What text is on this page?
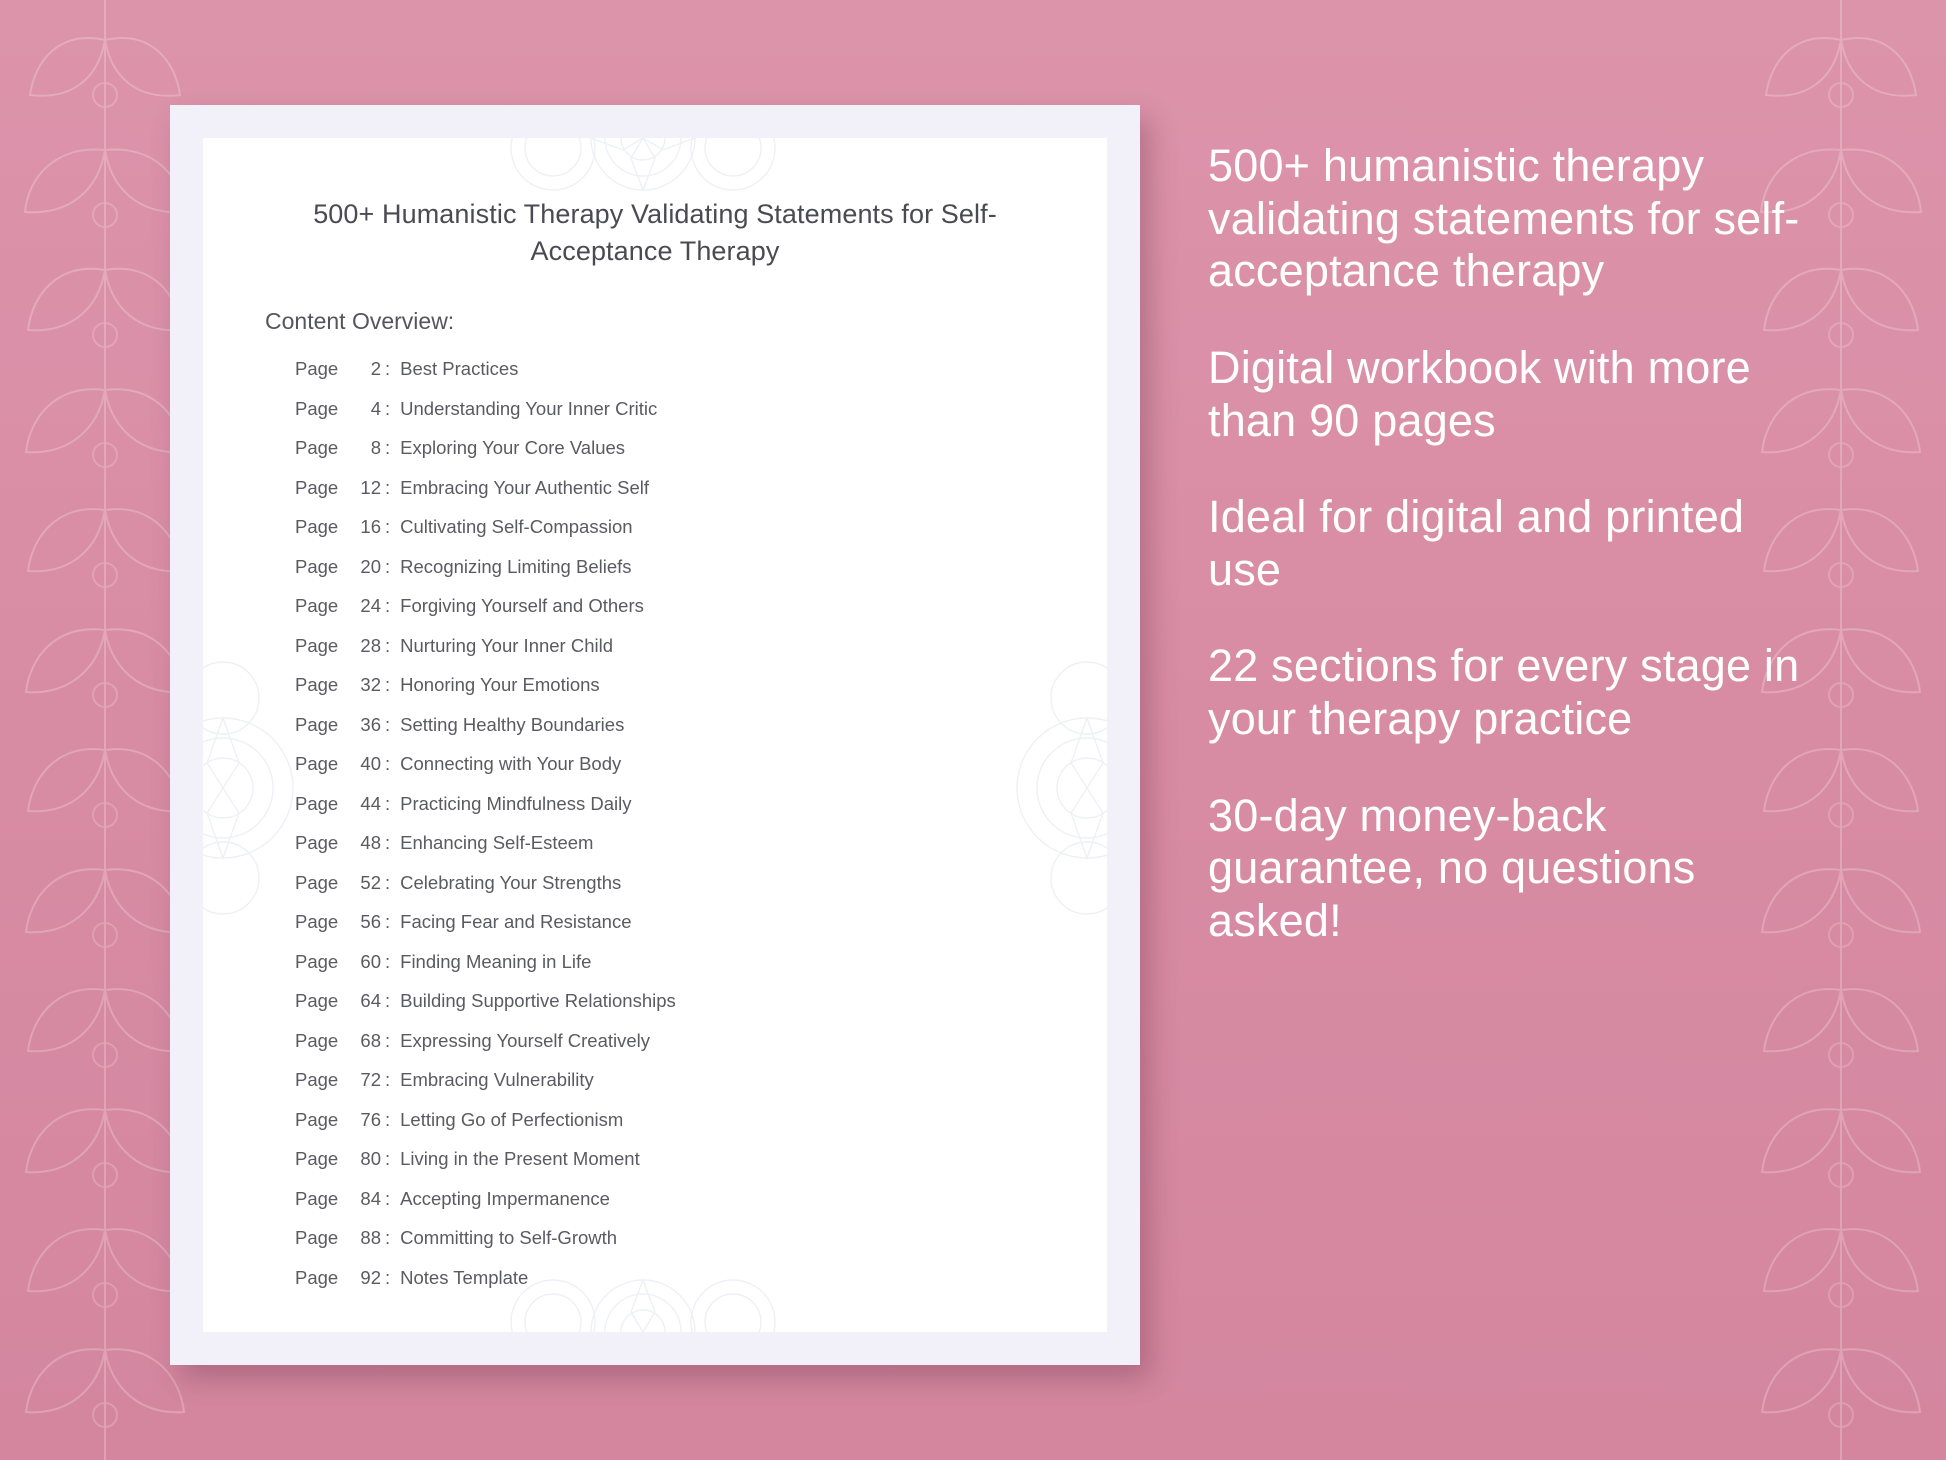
500+ Humanistic Therapy Validating Statements for Self-Acceptance Therapy
Content Overview:
Page	2 : Best Practices
Page	4 : Understanding Your Inner Critic
Page	8 : Exploring Your Core Values
Page	12 : Embracing Your Authentic Self
Page	16 : Cultivating Self-Compassion
Page	20 : Recognizing Limiting Beliefs
Page	24 : Forgiving Yourself and Others
Page	28 : Nurturing Your Inner Child
Page	32 : Honoring Your Emotions
Page	36 : Setting Healthy Boundaries
Page	40 : Connecting with Your Body
Page	44 : Practicing Mindfulness Daily
Page	48 : Enhancing Self-Esteem
Page	52 : Celebrating Your Strengths
Page	56 : Facing Fear and Resistance
Page	60 : Finding Meaning in Life
Page	64 : Building Supportive Relationships
Page	68 : Expressing Yourself Creatively
Page	72 : Embracing Vulnerability
Page	76 : Letting Go of Perfectionism
Page	80 : Living in the Present Moment
Page	84 : Accepting Impermanence
Page	88 : Committing to Self-Growth
Page	92 : Notes Template

500+ humanistic therapy validating statements for self-acceptance therapy

Digital workbook with more than 90 pages

Ideal for digital and printed use

22 sections for every stage in your therapy practice

30-day money-back guarantee, no questions asked!
